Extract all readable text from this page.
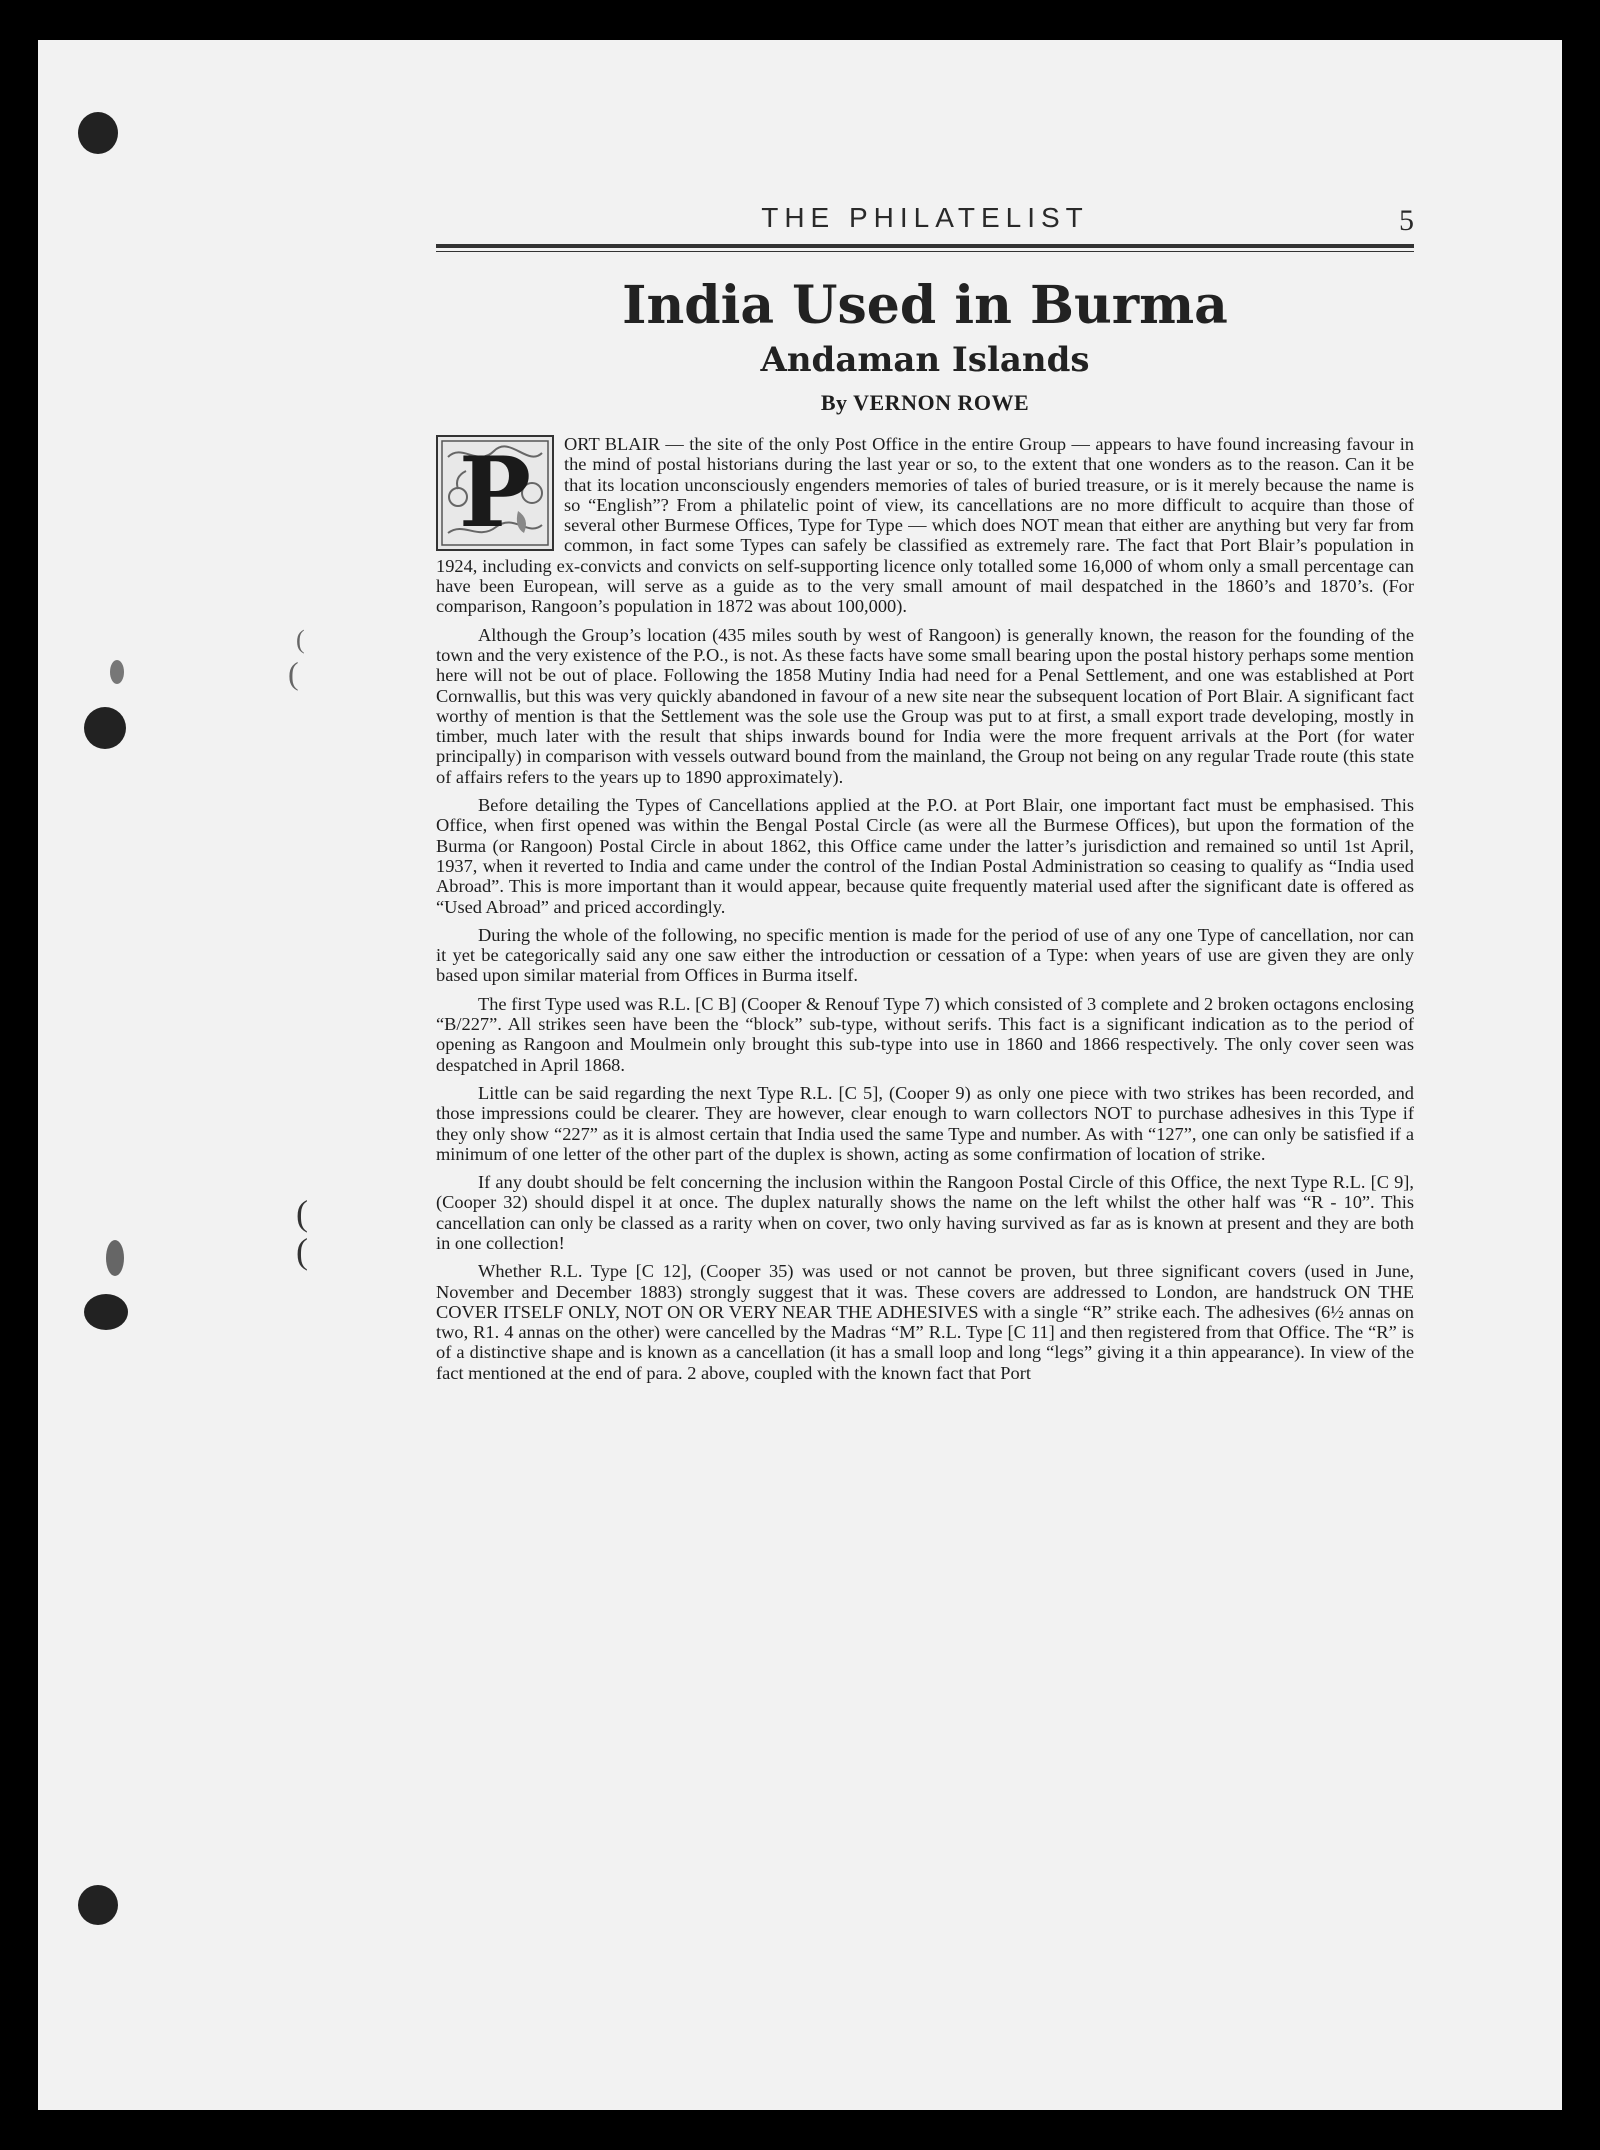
(
(
(
(
THE PHILATELIST	5
India Used in Burma
Andaman Islands
By VERNON ROWE
P	ORT BLAIR — the site of the only Post Office in the entire Group — appears to have found increasing favour in the mind of postal historians during the last year or so, to the extent that one wonders as to the reason. Can it be that its location unconsciously engenders memories of tales of buried treasure, or is it merely because the name is so “English”? From a philatelic point of view, its cancellations are no more difficult to acquire than those of several other Burmese Offices, Type for Type — which does NOT mean that either are anything but very far from common, in fact some Types can safely be classified as extremely rare. The fact that Port Blair’s population in 1924, including ex-convicts and convicts on self-supporting licence only totalled some 16,000 of whom only a small percentage can have been European, will serve as a guide as to the very small amount of mail despatched in the 1860’s and 1870’s. (For comparison, Rangoon’s population in 1872 was about 100,000).

Although the Group’s location (435 miles south by west of Rangoon) is generally known, the reason for the founding of the town and the very existence of the P.O., is not. As these facts have some small bearing upon the postal history perhaps some mention here will not be out of place. Following the 1858 Mutiny India had need for a Penal Settlement, and one was established at Port Cornwallis, but this was very quickly abandoned in favour of a new site near the subsequent location of Port Blair. A significant fact worthy of mention is that the Settlement was the sole use the Group was put to at first, a small export trade developing, mostly in timber, much later with the result that ships inwards bound for India were the more frequent arrivals at the Port (for water principally) in comparison with vessels outward bound from the mainland, the Group not being on any regular Trade route (this state of affairs refers to the years up to 1890 approximately).

Before detailing the Types of Cancellations applied at the P.O. at Port Blair, one important fact must be emphasised. This Office, when first opened was within the Bengal Postal Circle (as were all the Burmese Offices), but upon the formation of the Burma (or Rangoon) Postal Circle in about 1862, this Office came under the latter’s jurisdiction and remained so until 1st April, 1937, when it reverted to India and came under the control of the Indian Postal Administration so ceasing to qualify as “India used Abroad”. This is more important than it would appear, because quite frequently material used after the significant date is offered as “Used Abroad” and priced accordingly.

During the whole of the following, no specific mention is made for the period of use of any one Type of cancellation, nor can it yet be categorically said any one saw either the introduction or cessation of a Type: when years of use are given they are only based upon similar material from Offices in Burma itself.

The first Type used was R.L. [C B] (Cooper & Renouf Type 7) which consisted of 3 complete and 2 broken octagons enclosing “B/227”. All strikes seen have been the “block” sub-type, without serifs. This fact is a significant indication as to the period of opening as Rangoon and Moulmein only brought this sub-type into use in 1860 and 1866 respectively. The only cover seen was despatched in April 1868.

Little can be said regarding the next Type R.L. [C 5], (Cooper 9) as only one piece with two strikes has been recorded, and those impressions could be clearer. They are however, clear enough to warn collectors NOT to purchase adhesives in this Type if they only show “227” as it is almost certain that India used the same Type and number. As with “127”, one can only be satisfied if a minimum of one letter of the other part of the duplex is shown, acting as some confirmation of location of strike.

If any doubt should be felt concerning the inclusion within the Rangoon Postal Circle of this Office, the next Type R.L. [C 9], (Cooper 32) should dispel it at once. The duplex naturally shows the name on the left whilst the other half was “R - 10”. This cancellation can only be classed as a rarity when on cover, two only having survived as far as is known at present and they are both in one collection!

Whether R.L. Type [C 12], (Cooper 35) was used or not cannot be proven, but three significant covers (used in June, November and December 1883) strongly suggest that it was. These covers are addressed to London, are handstruck ON THE COVER ITSELF ONLY, NOT ON OR VERY NEAR THE ADHESIVES with a single “R” strike each. The adhesives (6½ annas on two, R1. 4 annas on the other) were cancelled by the Madras “M” R.L. Type [C 11] and then registered from that Office. The “R” is of a distinctive shape and is known as a cancellation (it has a small loop and long “legs” giving it a thin appearance). In view of the fact mentioned at the end of para. 2 above, coupled with the known fact that Port
